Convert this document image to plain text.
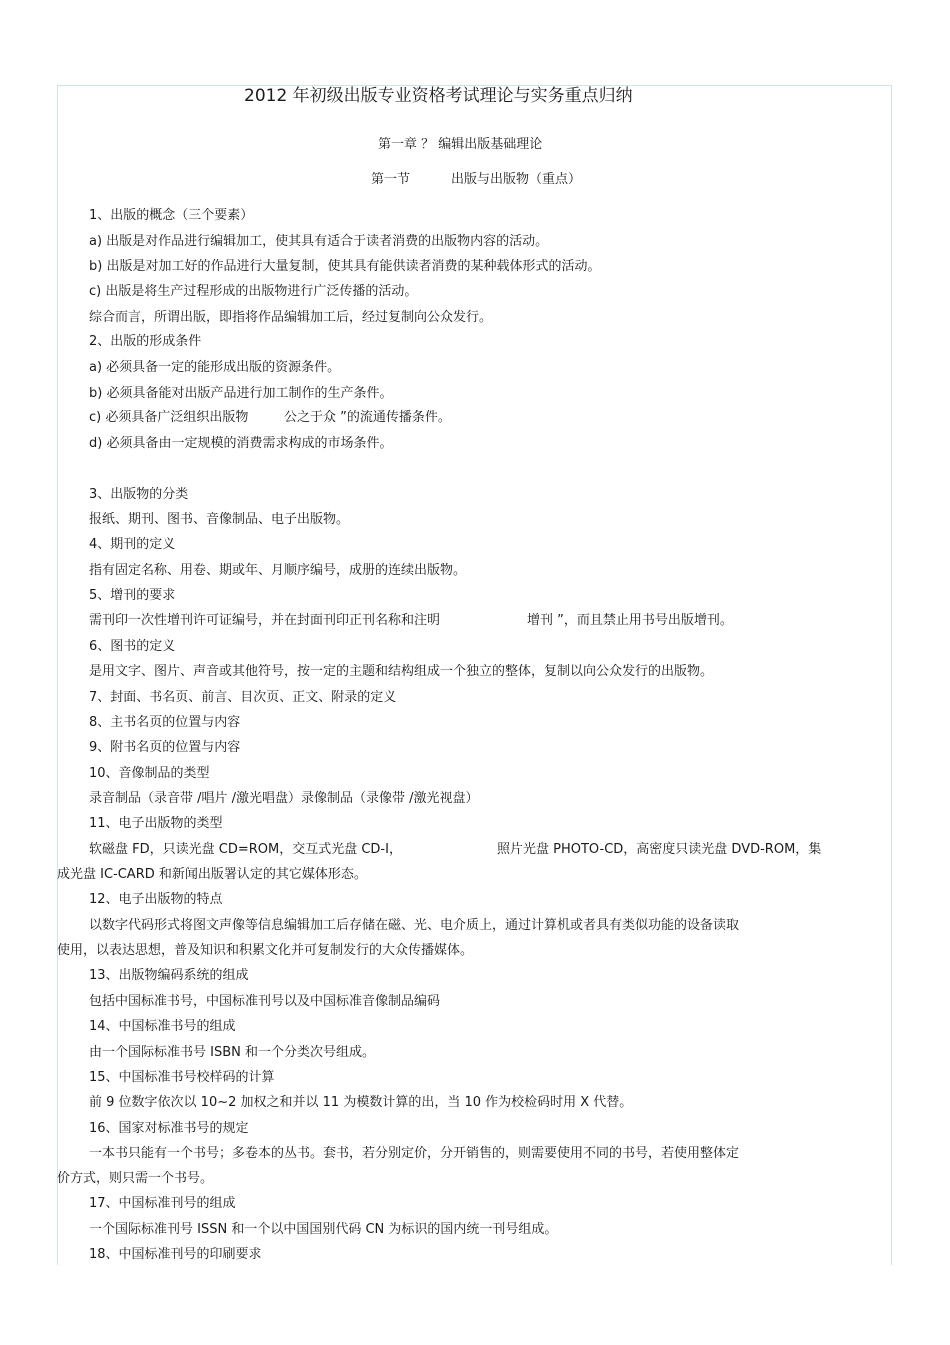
2012 年初级出版专业资格考试理论与实务重点归纳
第一章 ？ 编辑出版基础理论
第一节	出版与出版物（重点）
1、出版的概念（三个要素）
a) 出版是对作品进行编辑加工，使其具有适合于读者消费的出版物内容的活动。
b) 出版是对加工好的作品进行大量复制，使其具有能供读者消费的某种载体形式的活动。
c) 出版是将生产过程形成的出版物进行广泛传播的活动。
综合而言，所谓出版，即指将作品编辑加工后，经过复制向公众发行。
2、出版的形成条件
a) 必须具备一定的能形成出版的资源条件。
b) 必须具备能对出版产品进行加工制作的生产条件。
c) 必须具备广泛组织出版物	公之于众 ”的流通传播条件。
d) 必须具备由一定规模的消费需求构成的市场条件。
3、出版物的分类
报纸、期刊、图书、音像制品、电子出版物。
4、期刊的定义
指有固定名称、用卷、期或年、月顺序编号，成册的连续出版物。
5、增刊的要求
需刊印一次性增刊许可证编号，并在封面刊印正刊名称和注明	增刊 ”，而且禁止用书号出版增刊。
6、图书的定义
是用文字、图片、声音或其他符号，按一定的主题和结构组成一个独立的整体，复制以向公众发行的出版物。
7、封面、书名页、前言、目次页、正文、附录的定义
8、主书名页的位置与内容
9、附书名页的位置与内容
10、音像制品的类型
录音制品（录音带 /唱片 /激光唱盘）录像制品（录像带 /激光视盘）
11、电子出版物的类型
软磁盘 FD，只读光盘 CD=ROM，交互式光盘 CD-I，	照片光盘 PHOTO-CD，高密度只读光盘 DVD-ROM，集
成光盘 IC-CARD 和新闻出版署认定的其它媒体形态。
12、电子出版物的特点
以数字代码形式将图文声像等信息编辑加工后存储在磁、光、电介质上，通过计算机或者具有类似功能的设备读取
使用，以表达思想，普及知识和积累文化并可复制发行的大众传播媒体。
13、出版物编码系统的组成
包括中国标准书号，中国标准刊号以及中国标准音像制品编码
14、中国标准书号的组成
由一个国际标准书号 ISBN 和一个分类次号组成。
15、中国标准书号校样码的计算
前 9 位数字依次以 10~2 加权之和并以 11 为模数计算的出，当 10 作为校检码时用 X 代替。
16、国家对标准书号的规定
一本书只能有一个书号；多卷本的丛书。套书，若分别定价，分开销售的，则需要使用不同的书号，若使用整体定
价方式，则只需一个书号。
17、中国标准刊号的组成
一个国际标准刊号 ISSN 和一个以中国国别代码 CN 为标识的国内统一刊号组成。
18、中国标准刊号的印刷要求
